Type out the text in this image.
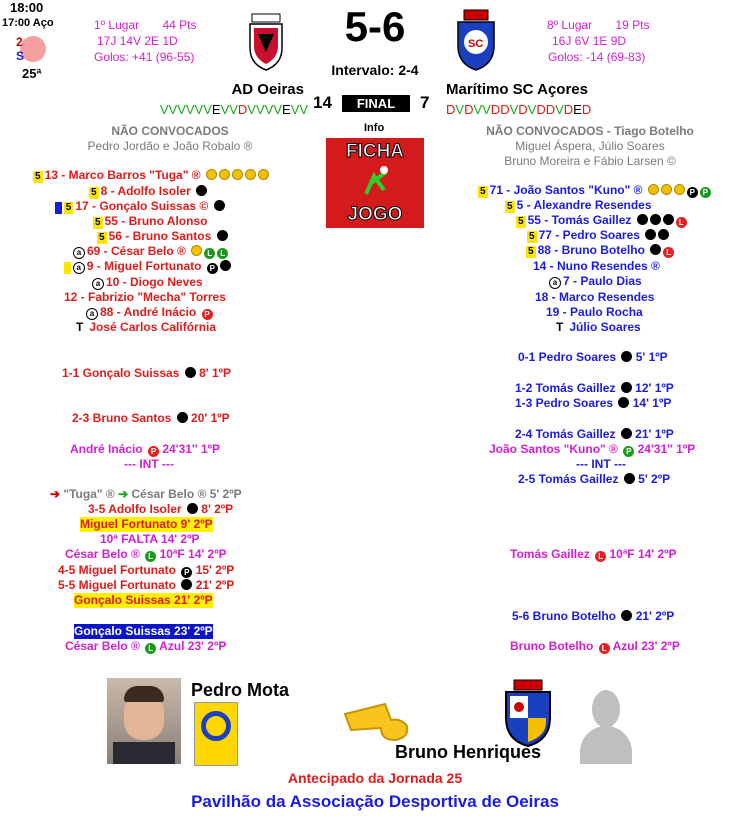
18:00
17:00 Aço
2
S
25ª
1º Lugar 44 Pts
17J 14V 2E 1D
Golos: +41 (96-55)
5-6
Intervalo: 2-4
SC
8º Lugar 19 Pts
16J 6V 1E 9D
Golos: -14 (69-83)
AD Oeiras	Marítimo SC Açores
VVVVVVEVVDVVVVEVV 14	FINAL	7 DVDVVDDVDVDDVDED
Info
FICHA
JOGO
NÃO CONVOCADOS
Pedro Jordão e João Robalo ®
NÃO CONVOCADOS - Tiago Botelho
Miguel Áspera, Júlio Soares
Bruno Moreira e Fábio Larsen ©
5 13 - Marco Barros "Tuga" ®
5 8 - Adolfo Isoler
5 17 - Gonçalo Suissas ©
5 55 - Bruno Alonso
5 56 - Bruno Santos
a 69 - César Belo ®	L L
a 9 - Miguel Fortunato P
a 10 - Diogo Neves
12 - Fabrizio "Mecha" Torres
a 88 - André Inácio P
T José Carlos Califórnia
5 71 - João Santos "Kuno" ®	P P
5 5 - Alexandre Resendes
5 55 - Tomás Gaillez	L
5 77 - Pedro Soares
5 88 - Bruno Botelho	L
14 - Nuno Resendes ®
a 7 - Paulo Dias
18 - Marco Resendes
19 - Paulo Rocha
T Júlio Soares
1-1 Gonçalo Suissas 8' 1ºP
2-3 Bruno Santos 20' 1ºP
André Inácio P 24'31'' 1ºP
--- INT ---
➔ "Tuga" ® ➔ César Belo ® 5' 2ºP
3-5 Adolfo Isoler 8' 2ºP
Miguel Fortunato 9' 2ºP
10ª FALTA 14' 2ºP
César Belo ® L 10ªF 14' 2ºP
4-5 Miguel Fortunato P 15' 2ºP
5-5 Miguel Fortunato 21' 2ºP
Gonçalo Suissas 21' 2ºP
Gonçalo Suissas 23' 2ºP
César Belo ® L Azul 23' 2ºP
0-1 Pedro Soares 5' 1ºP
1-2 Tomás Gaillez 12' 1ºP
1-3 Pedro Soares 14' 1ºP
2-4 Tomás Gaillez 21' 1ºP
João Santos "Kuno" ® P 24'31'' 1ºP
--- INT ---
2-5 Tomás Gaillez 5' 2ºP
Tomás Gaillez L 10ªF 14' 2ºP
5-6 Bruno Botelho 21' 2ºP
Bruno Botelho L Azul 23' 2ºP
Pedro Mota
Bruno Henriques
Antecipado da Jornada 25
Pavilhão da Associação Desportiva de Oeiras
